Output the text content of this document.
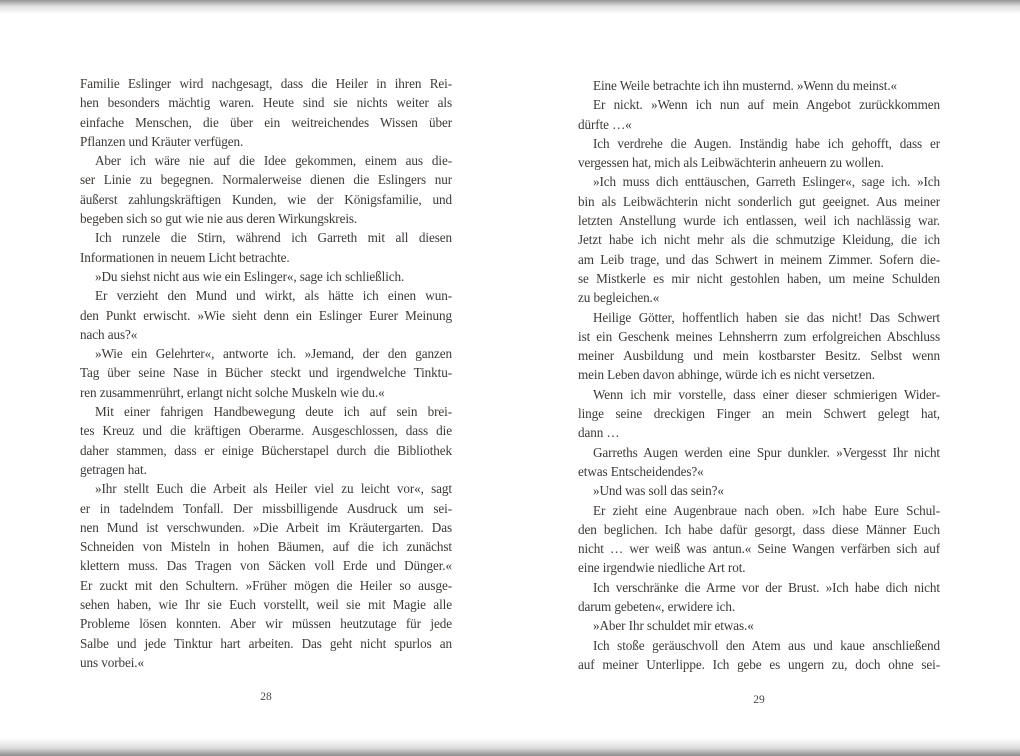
Familie Eslinger wird nachgesagt, dass die Heiler in ihren Rei-
hen besonders mächtig waren. Heute sind sie nichts weiter als
einfache Menschen, die über ein weitreichendes Wissen über
Pflanzen und Kräuter verfügen.
Aber ich wäre nie auf die Idee gekommen, einem aus die-
ser Linie zu begegnen. Normalerweise dienen die Eslingers nur
äußerst zahlungskräftigen Kunden, wie der Königsfamilie, und
begeben sich so gut wie nie aus deren Wirkungskreis.
Ich runzele die Stirn, während ich Garreth mit all diesen
Informationen in neuem Licht betrachte.
»Du siehst nicht aus wie ein Eslinger«, sage ich schließlich.
Er verzieht den Mund und wirkt, als hätte ich einen wun-
den Punkt erwischt. »Wie sieht denn ein Eslinger Eurer Meinung
nach aus?«
»Wie ein Gelehrter«, antworte ich. »Jemand, der den ganzen
Tag über seine Nase in Bücher steckt und irgendwelche Tinktu-
ren zusammenrührt, erlangt nicht solche Muskeln wie du.«
Mit einer fahrigen Handbewegung deute ich auf sein brei-
tes Kreuz und die kräftigen Oberarme. Ausgeschlossen, dass die
daher stammen, dass er einige Bücherstapel durch die Bibliothek
getragen hat.
»Ihr stellt Euch die Arbeit als Heiler viel zu leicht vor«, sagt
er in tadelndem Tonfall. Der missbilligende Ausdruck um sei-
nen Mund ist verschwunden. »Die Arbeit im Kräutergarten. Das
Schneiden von Misteln in hohen Bäumen, auf die ich zunächst
klettern muss. Das Tragen von Säcken voll Erde und Dünger.«
Er zuckt mit den Schultern. »Früher mögen die Heiler so ausge-
sehen haben, wie Ihr sie Euch vorstellt, weil sie mit Magie alle
Probleme lösen konnten. Aber wir müssen heutzutage für jede
Salbe und jede Tinktur hart arbeiten. Das geht nicht spurlos an
uns vorbei.«
Eine Weile betrachte ich ihn musternd. »Wenn du meinst.«
Er nickt. »Wenn ich nun auf mein Angebot zurückkommen
dürfte …«
Ich verdrehe die Augen. Inständig habe ich gehofft, dass er
vergessen hat, mich als Leibwächterin anheuern zu wollen.
»Ich muss dich enttäuschen, Garreth Eslinger«, sage ich. »Ich
bin als Leibwächterin nicht sonderlich gut geeignet. Aus meiner
letzten Anstellung wurde ich entlassen, weil ich nachlässig war.
Jetzt habe ich nicht mehr als die schmutzige Kleidung, die ich
am Leib trage, und das Schwert in meinem Zimmer. Sofern die-
se Mistkerle es mir nicht gestohlen haben, um meine Schulden
zu begleichen.«
Heilige Götter, hoffentlich haben sie das nicht! Das Schwert
ist ein Geschenk meines Lehnsherrn zum erfolgreichen Abschluss
meiner Ausbildung und mein kostbarster Besitz. Selbst wenn
mein Leben davon abhinge, würde ich es nicht versetzen.
Wenn ich mir vorstelle, dass einer dieser schmierigen Wider-
linge seine dreckigen Finger an mein Schwert gelegt hat,
dann …
Garreths Augen werden eine Spur dunkler. »Vergesst Ihr nicht
etwas Entscheidendes?«
»Und was soll das sein?«
Er zieht eine Augenbraue nach oben. »Ich habe Eure Schul-
den beglichen. Ich habe dafür gesorgt, dass diese Männer Euch
nicht … wer weiß was antun.« Seine Wangen verfärben sich auf
eine irgendwie niedliche Art rot.
Ich verschränke die Arme vor der Brust. »Ich habe dich nicht
darum gebeten«, erwidere ich.
»Aber Ihr schuldet mir etwas.«
Ich stoße geräuschvoll den Atem aus und kaue anschließend
auf meiner Unterlippe. Ich gebe es ungern zu, doch ohne sei-
28	29
